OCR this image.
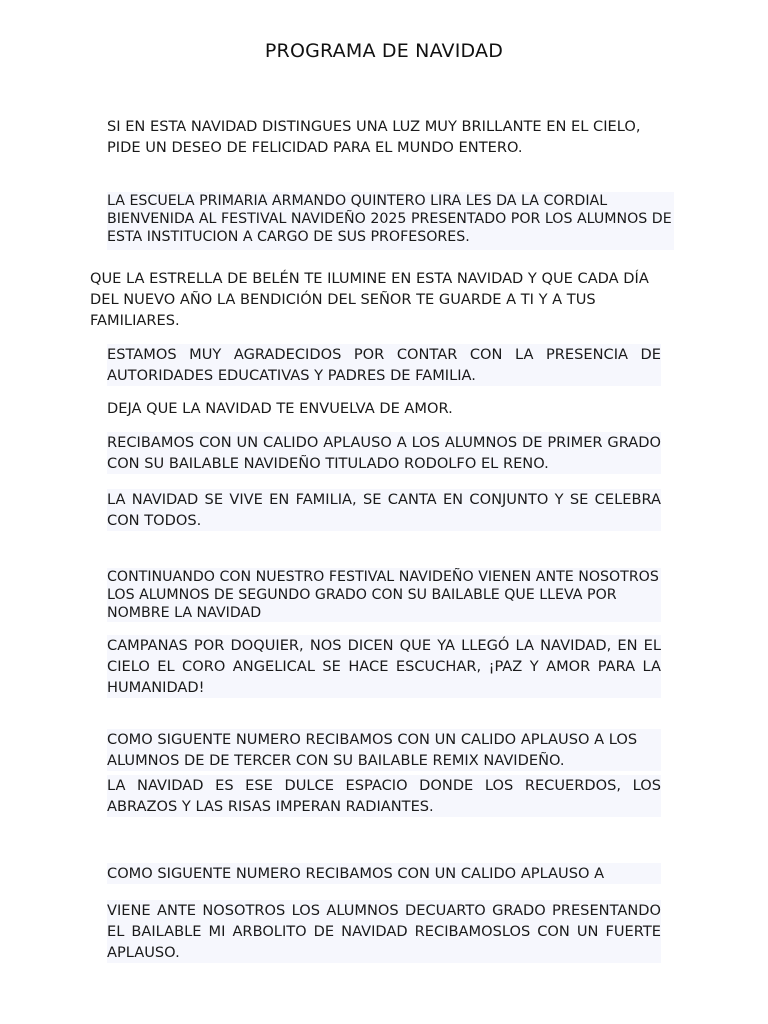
PROGRAMA DE NAVIDAD

SI EN ESTA NAVIDAD DISTINGUES UNA LUZ MUY BRILLANTE EN EL CIELO, PIDE UN DESEO DE FELICIDAD PARA EL MUNDO ENTERO.

LA ESCUELA PRIMARIA ARMANDO QUINTERO LIRA LES DA LA CORDIAL BIENVENIDA AL FESTIVAL NAVIDEÑO 2025 PRESENTADO POR LOS ALUMNOS DE ESTA INSTITUCION A CARGO DE SUS PROFESORES.

QUE LA ESTRELLA DE BELÉN TE ILUMINE EN ESTA NAVIDAD Y QUE CADA DÍA DEL NUEVO AÑO LA BENDICIÓN DEL SEÑOR TE GUARDE A TI Y A TUS FAMILIARES.

ESTAMOS MUY AGRADECIDOS POR CONTAR CON LA PRESENCIA DE AUTORIDADES EDUCATIVAS Y PADRES DE FAMILIA.

DEJA QUE LA NAVIDAD TE ENVUELVA DE AMOR.

RECIBAMOS CON UN CALIDO APLAUSO A LOS ALUMNOS DE PRIMER GRADO CON SU BAILABLE NAVIDEÑO TITULADO RODOLFO EL RENO.

LA NAVIDAD SE VIVE EN FAMILIA, SE CANTA EN CONJUNTO Y SE CELEBRA CON TODOS.

CONTINUANDO CON NUESTRO FESTIVAL NAVIDEÑO VIENEN ANTE NOSOTROS LOS ALUMNOS DE SEGUNDO GRADO CON SU BAILABLE QUE LLEVA POR NOMBRE LA NAVIDAD

CAMPANAS POR DOQUIER, NOS DICEN QUE YA LLEGÓ LA NAVIDAD, EN EL CIELO EL CORO ANGELICAL SE HACE ESCUCHAR, ¡PAZ Y AMOR PARA LA HUMANIDAD!

COMO SIGUENTE NUMERO RECIBAMOS CON UN CALIDO APLAUSO A LOS ALUMNOS DE DE TERCER CON SU BAILABLE REMIX NAVIDEÑO.

LA NAVIDAD ES ESE DULCE ESPACIO DONDE LOS RECUERDOS, LOS ABRAZOS Y LAS RISAS IMPERAN RADIANTES.

COMO SIGUENTE NUMERO RECIBAMOS CON UN CALIDO APLAUSO A

VIENE ANTE NOSOTROS LOS ALUMNOS DECUARTO GRADO PRESENTANDO EL BAILABLE MI ARBOLITO DE NAVIDAD RECIBAMOSLOS CON UN FUERTE APLAUSO.
